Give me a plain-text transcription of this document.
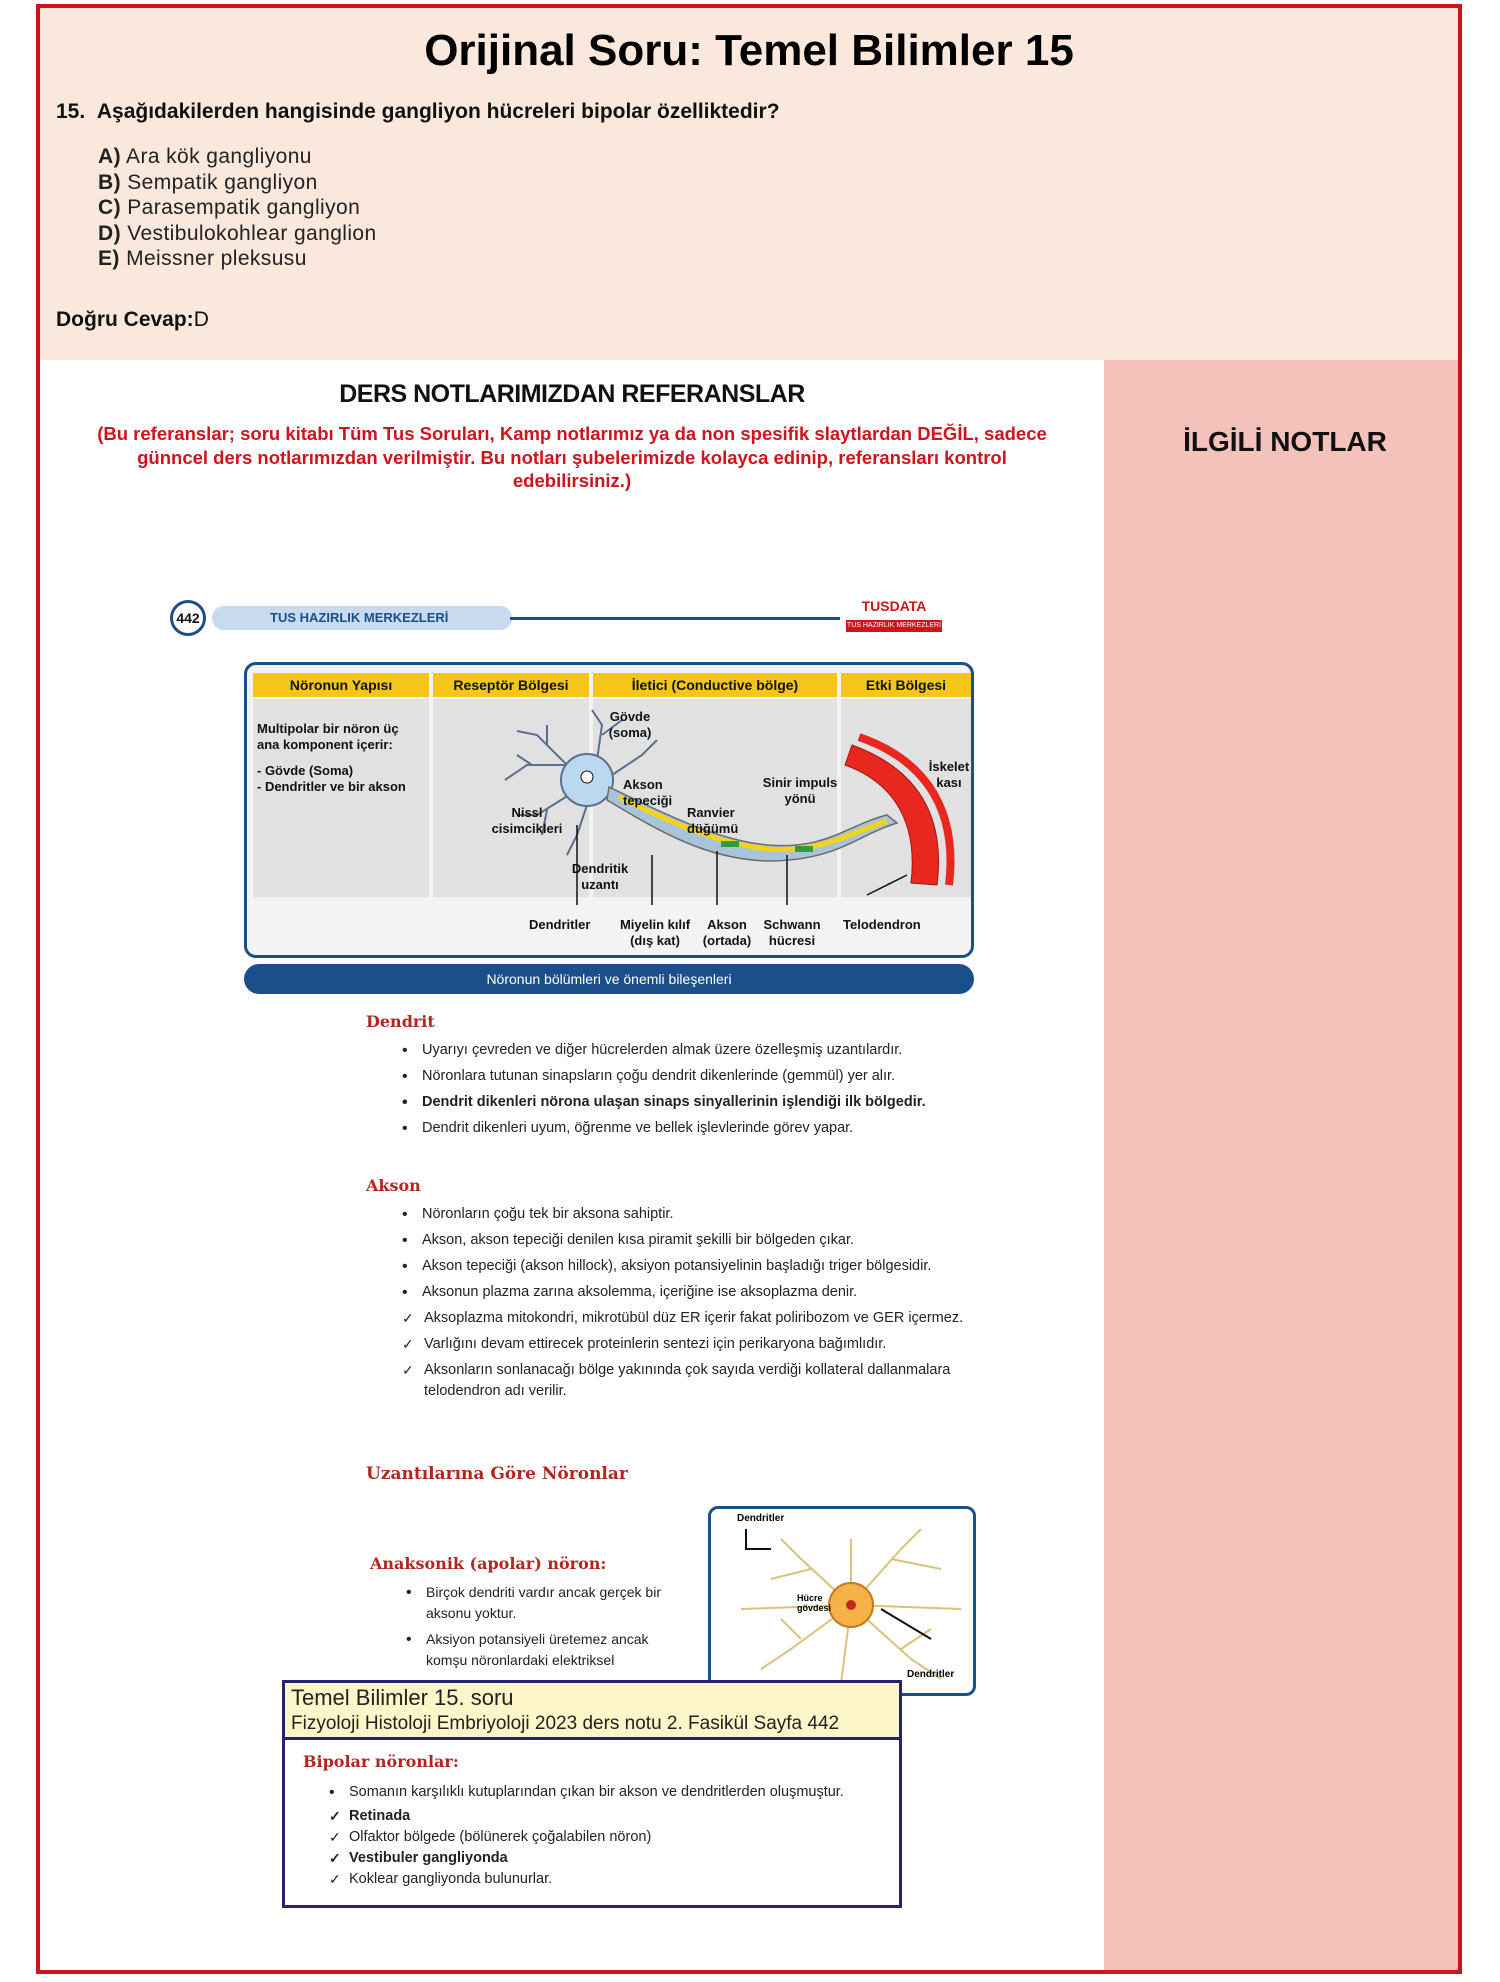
Orijinal Soru: Temel Bilimler 15
15. Aşağıdakilerden hangisinde gangliyon hücreleri bipolar özelliktedir?
A) Ara kök gangliyonu
B) Sempatik gangliyon
C) Parasempatik gangliyon
D) Vestibulokohlear ganglion
E) Meissner pleksusu
Doğru Cevap:D
İLGİLİ NOTLAR
DERS NOTLARIMIZDAN REFERANSLAR
(Bu referanslar; soru kitabı Tüm Tus Soruları, Kamp notlarımız ya da non spesifik slaytlardan DEĞİL, sadece günncel ders notlarımızdan verilmiştir. Bu notları şubelerimizde kolayca edinip, referansları kontrol edebilirsiniz.)
442	TUS HAZIRLIK MERKEZLERİ
TUSDATA
TUS HAZIRLIK MERKEZLERİ
Nöronun Yapısı	Reseptör Bölgesi	İletici (Conductive bölge)	Etki Bölgesi
Multipolar bir nöron üç ana komponent içerir:
- Gövde (Soma)
- Dendritler ve bir akson
Gövde (soma)
Nissl cisimcikleri
Akson tepeciği
Ranvier düğümü
Sinir impuls yönü
İskelet kası
Dendritik uzantı
Dendritler	Miyelin kılıf (dış kat)
Akson (ortada)
Schwann hücresi
Telodendron
Nöronun bölümleri ve önemli bileşenleri
Dendrit
• Uyarıyı çevreden ve diğer hücrelerden almak üzere özelleşmiş uzantılardır.
• Nöronlara tutunan sinapsların çoğu dendrit dikenlerinde (gemmül) yer alır.
• Dendrit dikenleri nörona ulaşan sinaps sinyallerinin işlendiği ilk bölgedir.
• Dendrit dikenleri uyum, öğrenme ve bellek işlevlerinde görev yapar.
Akson
• Nöronların çoğu tek bir aksona sahiptir.
• Akson, akson tepeciği denilen kısa piramit şekilli bir bölgeden çıkar.
• Akson tepeciği (akson hillock), aksiyon potansiyelinin başladığı triger bölgesidir.
• Aksonun plazma zarına aksolemma, içeriğine ise aksoplazma denir.
✓ Aksoplazma mitokondri, mikrotübül düz ER içerir fakat poliribozom ve GER içermez.
✓ Varlığını devam ettirecek proteinlerin sentezi için perikaryona bağımlıdır.
✓ Aksonların sonlanacağı bölge yakınında çok sayıda verdiği kollateral dallanmalara telodendron adı verilir.
Uzantılarına Göre Nöronlar
Anaksonik (apolar) nöron:
• Birçok dendriti vardır ancak gerçek bir aksonu yoktur.
• Aksiyon potansiyeli üretemez ancak komşu nöronlardaki elektriksel
Dendritler
Hücre gövdesi
Dendritler
Temel Bilimler 15. soru
Fizyoloji Histoloji Embriyoloji 2023 ders notu 2. Fasikül Sayfa 442
Bipolar nöronlar:
• Somanın karşılıklı kutuplarından çıkan bir akson ve dendritlerden oluşmuştur.
✓ Retinada
✓ Olfaktor bölgede (bölünerek çoğalabilen nöron)
✓ Vestibuler gangliyonda
✓ Koklear gangliyonda bulunurlar.
